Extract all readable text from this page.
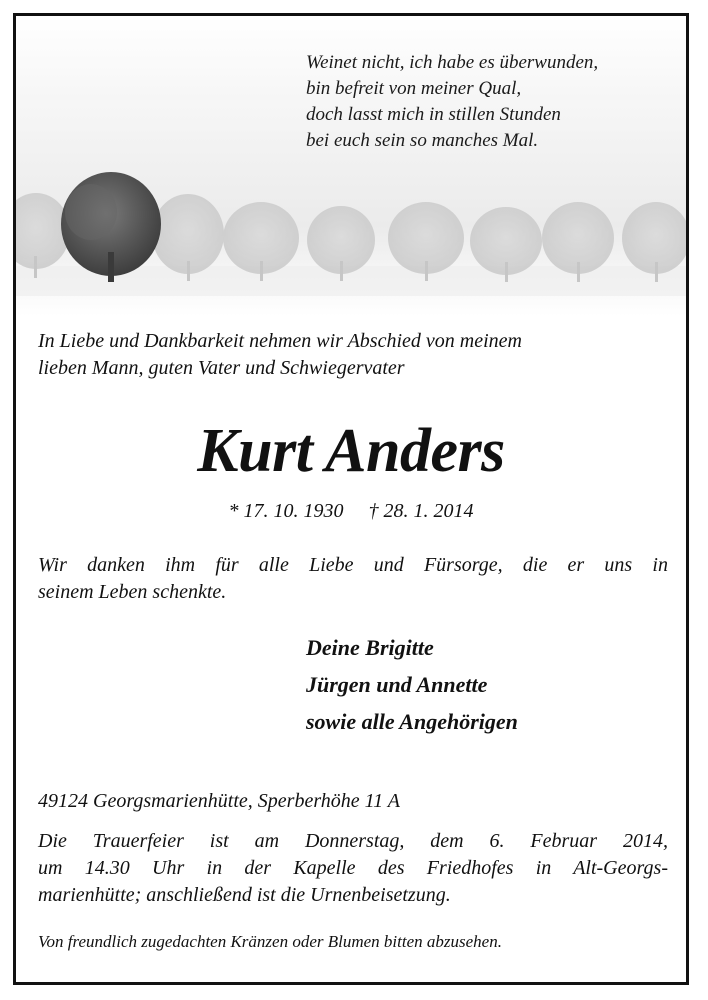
Weinet nicht, ich habe es überwunden,
bin befreit von meiner Qual,
doch lasst mich in stillen Stunden
bei euch sein so manches Mal.
In Liebe und Dankbarkeit nehmen wir Abschied von meinem
lieben Mann, guten Vater und Schwiegervater
Kurt Anders
* 17. 10. 1930 † 28. 1. 2014
Wir danken ihm für alle Liebe und Fürsorge, die er uns in
seinem Leben schenkte.
Deine Brigitte
Jürgen und Annette
sowie alle Angehörigen
49124 Georgsmarienhütte, Sperberhöhe 11 A
Die Trauerfeier ist am Donnerstag, dem 6. Februar 2014,
um 14.30 Uhr in der Kapelle des Friedhofes in Alt-Georgs-
marienhütte; anschließend ist die Urnenbeisetzung.
Von freundlich zugedachten Kränzen oder Blumen bitten abzusehen.
